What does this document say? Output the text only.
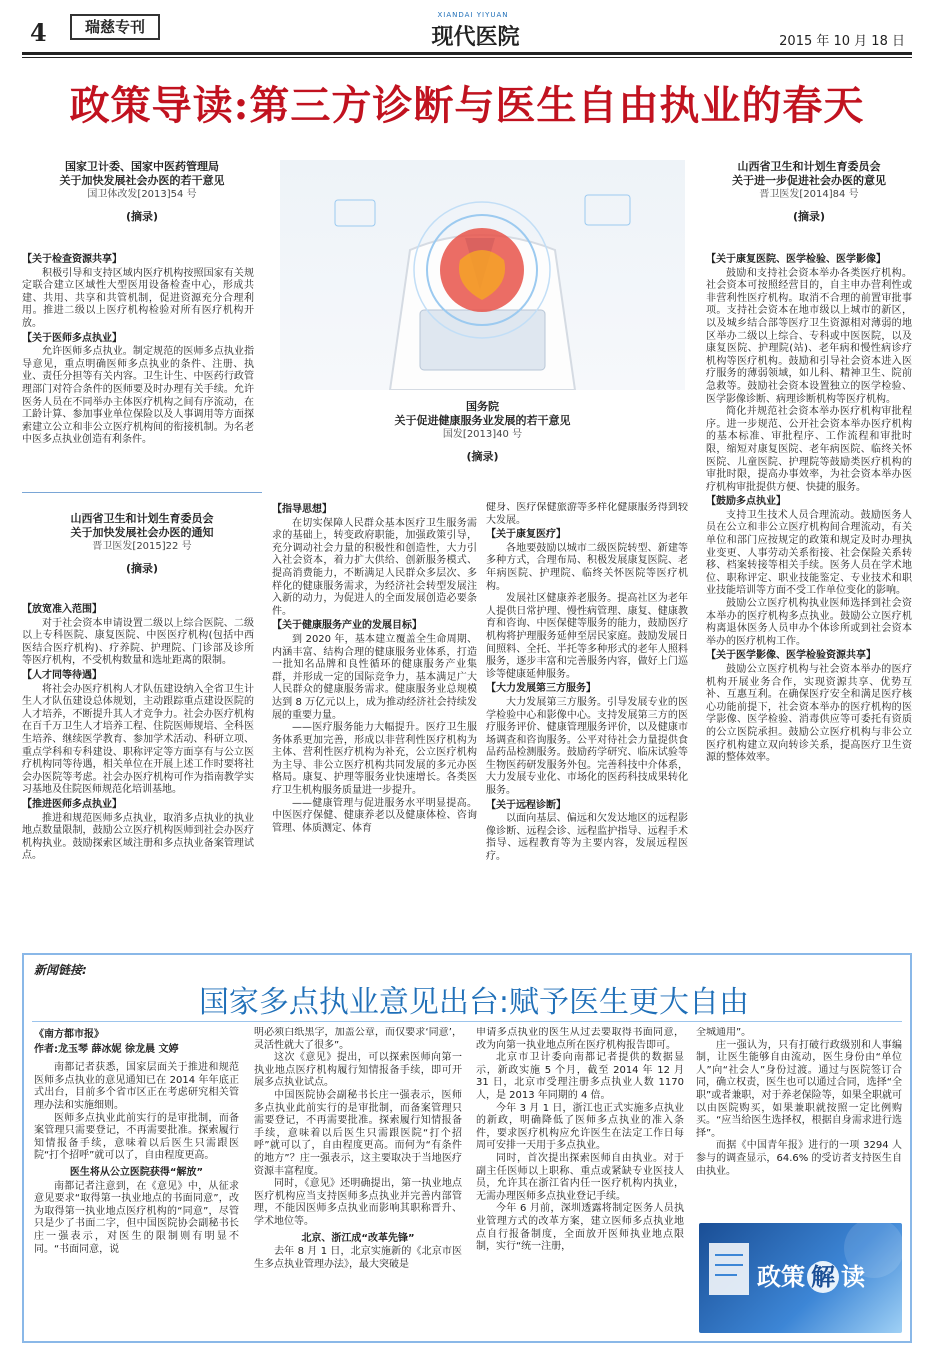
4	瑞慈专刊
XIANDAI YIYUAN
现代医院	2015 年 10 月 18 日
政策导读:第三方诊断与医生自由执业的春天
国家卫计委、国家中医药管理局
关于加快发展社会办医的若干意见
国卫体改发[2013]54 号
(摘录)
【关于检查资源共享】

积极引导和支持区域内医疗机构按照国家有关规定联合建立区域性大型医用设备检查中心，形成共建、共用、共享和共管机制，促进资源充分合理利用。推进二级以上医疗机构检验对所有医疗机构开放。

【关于医师多点执业】

允许医师多点执业。制定规范的医师多点执业指导意见，重点明确医师多点执业的条件、注册、执业、责任分担等有关内容。卫生计生、中医药行政管理部门对符合条件的医师要及时办理有关手续。允许医务人员在不同举办主体医疗机构之间有序流动，在工龄计算、参加事业单位保险以及人事调用等方面探索建立公立和非公立医疗机构间的衔接机制。为名老中医多点执业创造有利条件。

山西省卫生和计划生育委员会
关于加快发展社会办医的通知
晋卫医发[2015]22 号
(摘录)
【放宽准入范围】

对于社会资本申请设置二级以上综合医院、二级以上专科医院、康复医院、中医医疗机构(包括中西医结合医疗机构)、疗养院、护理院、门诊部及诊所等医疗机构，不受机构数量和选址距离的限制。

【人才同等待遇】

将社会办医疗机构人才队伍建设纳入全省卫生计生人才队伍建设总体规划，主动跟踪重点建设医院的人才培养，不断提升其人才竞争力。社会办医疗机构在百千万卫生人才培养工程、住院医师规培、全科医生培养、继续医学教育、参加学术活动、科研立项、重点学科和专科建设、职称评定等方面享有与公立医疗机构同等待遇，相关单位在开展上述工作时要将社会办医院等考虑。社会办医疗机构可作为指南教学实习基地及住院医师规范化培训基地。

【推进医师多点执业】

推进和规范医师多点执业，取消多点执业的执业地点数量限制，鼓励公立医疗机构医师到社会办医疗机构执业。鼓励探索区域注册和多点执业备案管理试点。

国务院
关于促进健康服务业发展的若干意见
国发[2013]40 号
(摘录)
【指导思想】

在切实保障人民群众基本医疗卫生服务需求的基础上，转变政府职能，加强政策引导，充分调动社会力量的积极性和创造性，大力引入社会资本，着力扩大供给、创新服务模式、提高消费能力，不断满足人民群众多层次、多样化的健康服务需求，为经济社会转型发展注入新的动力，为促进人的全面发展创造必要条件。

【关于健康服务产业的发展目标】

到 2020 年，基本建立覆盖全生命周期、内涵丰富、结构合理的健康服务业体系，打造一批知名品牌和良性循环的健康服务产业集群，并形成一定的国际竞争力，基本满足广大人民群众的健康服务需求。健康服务业总规模达到 8 万亿元以上，成为推动经济社会持续发展的重要力量。

——医疗服务能力大幅提升。医疗卫生服务体系更加完善，形成以非营利性医疗机构为主体、营利性医疗机构为补充，公立医疗机构为主导、非公立医疗机构共同发展的多元办医格局。康复、护理等服务业快速增长。各类医疗卫生机构服务质量进一步提升。

——健康管理与促进服务水平明显提高。中医医疗保健、健康养老以及健康体检、咨询管理、体质测定、体育

健身、医疗保健旅游等多样化健康服务得到较大发展。

【关于康复医疗】

各地要鼓励以城市二级医院转型、新建等多种方式，合理布局、积极发展康复医院、老年病医院、护理院、临终关怀医院等医疗机构。

发展社区健康养老服务。提高社区为老年人提供日常护理、慢性病管理、康复、健康教育和咨询、中医保健等服务的能力，鼓励医疗机构将护理服务延伸至居民家庭。鼓励发展日间照料、全托、半托等多种形式的老年人照料服务，逐步丰富和完善服务内容，做好上门巡诊等健康延伸服务。

【大力发展第三方服务】

大力发展第三方服务。引导发展专业的医学检验中心和影像中心。支持发展第三方的医疗服务评价、健康管理服务评价，以及健康市场调查和咨询服务。公平对待社会力量提供食品药品检测服务。鼓励药学研究、临床试验等生物医药研发服务外包。完善科技中介体系，大力发展专业化、市场化的医药科技成果转化服务。

【关于远程诊断】

以面向基层、偏远和欠发达地区的远程影像诊断、远程会诊、远程监护指导、远程手术指导、远程教育等为主要内容，发展远程医疗。

山西省卫生和计划生育委员会
关于进一步促进社会办医的意见
晋卫医发[2014]84 号
(摘录)
【关于康复医院、医学检验、医学影像】

鼓励和支持社会资本举办各类医疗机构。社会资本可按照经营目的，自主申办营利性或非营利性医疗机构。取消不合理的前置审批事项。支持社会资本在地市级以上城市的新区，以及城乡结合部等医疗卫生资源相对薄弱的地区举办二级以上综合、专科或中医医院，以及康复医院、护理院(站)、老年病和慢性病诊疗机构等医疗机构。鼓励和引导社会资本进入医疗服务的薄弱领域，如儿科、精神卫生、院前急救等。鼓励社会资本设置独立的医学检验、医学影像诊断、病理诊断机构等医疗机构。

简化并规范社会资本举办医疗机构审批程序。进一步规范、公开社会资本举办医疗机构的基本标准、审批程序、工作流程和审批时限，缩短对康复医院、老年病医院、临终关怀医院、儿童医院、护理院等鼓励类医疗机构的审批时限，提高办事效率，为社会资本举办医疗机构审批提供方便、快捷的服务。

【鼓励多点执业】

支持卫生技术人员合理流动。鼓励医务人员在公立和非公立医疗机构间合理流动，有关单位和部门应按规定的政策和规定及时办理执业变更、人事劳动关系衔接、社会保险关系转移、档案转接等相关手续。医务人员在学术地位、职称评定、职业技能鉴定、专业技术和职业技能培训等方面不受工作单位变化的影响。

鼓励公立医疗机构执业医师选择到社会资本举办的医疗机构多点执业。鼓励公立医疗机构离退休医务人员申办个体诊所或到社会资本举办的医疗机构工作。

【关于医学影像、医学检验资源共享】

鼓励公立医疗机构与社会资本举办的医疗机构开展业务合作，实现资源共享、优势互补、互惠互利。在确保医疗安全和满足医疗核心功能前提下，社会资本举办的医疗机构的医学影像、医学检验、消毒供应等可委托有资质的公立医院承担。鼓励公立医疗机构与非公立医疗机构建立双向转诊关系，提高医疗卫生资源的整体效率。

新闻链接:
国家多点执业意见出台:赋予医生更大自由
《南方都市报》
作者:龙玉琴 薛冰妮 徐龙晨 文婷

南都记者获悉，国家层面关于推进和规范医师多点执业的意见通知已在 2014 年年底正式出台，目前多个省市区正在考虑研究相关管理办法和实施细则。

医师多点执业此前实行的是审批制，而备案管理只需要登记，不再需要批准。探索履行知情报备手续，意味着以后医生只需跟医院“打个招呼”就可以了，自由程度更高。

医生将从公立医院获得“解放”

南都记者注意到，在《意见》中，从征求意见要求“取得第一执业地点的书面同意”，改为取得第一执业地点医疗机构的“同意”，尽管只是少了书面二字，但中国医院协会副秘书长庄一强表示，对医生的限制则有明显不同。“书面同意，说

明必须白纸黑字，加盖公章，而仅要求‘同意’，灵活性就大了很多”。

这次《意见》提出，可以探索医师向第一执业地点医疗机构履行知情报备手续，即可开展多点执业试点。

中国医院协会副秘书长庄一强表示，医师多点执业此前实行的是审批制，而备案管理只需要登记，不再需要批准。探索履行知情报备手续，意味着以后医生只需跟医院“打个招呼”就可以了，自由程度更高。而何为“有条件的地方”？庄一强表示，这主要取决于当地医疗资源丰富程度。

同时，《意见》还明确提出，第一执业地点医疗机构应当支持医师多点执业并完善内部管理，不能因医师多点执业而影响其职称晋升、学术地位等。

北京、浙江成“改革先锋”

去年 8 月 1 日，北京实施新的《北京市医生多点执业管理办法》，最大突破是

申请多点执业的医生从过去要取得书面同意，改为向第一执业地点所在医疗机构报告即可。

北京市卫计委向南都记者提供的数据显示，新政实施 5 个月，截至 2014 年 12 月 31 日，北京市受理注册多点执业人数 1170 人，是 2013 年同期的 4 倍。

今年 3 月 1 日，浙江也正式实施多点执业的新政，明确降低了医师多点执业的准入条件，要求医疗机构应允许医生在法定工作日每周可安排一天用于多点执业。

同时，首次提出探索医师自由执业。对于副主任医师以上职称、重点或紧缺专业医技人员，允许其在浙江省内任一医疗机构内执业，无需办理医师多点执业登记手续。

今年 6 月前，深圳透露将制定医务人员执业管理方式的改革方案，建立医师多点执业地点自行报备制度，全面放开医师执业地点限制，实行“统一注册，

全城通用”。

庄一强认为，只有打破行政级别和人事编制，让医生能够自由流动，医生身份由“单位人”向“社会人”身份过渡。通过与医院签订合同，确立权责，医生也可以通过合同，选择“全职”或者兼职，对于养老保险等，如果全职就可以由医院购买，如果兼职就按照一定比例购买。“应当给医生选择权，根据自身需求进行选择”。

而据《中国青年报》进行的一项 3294 人参与的调查显示，64.6% 的受访者支持医生自由执业。

政策 解 读
